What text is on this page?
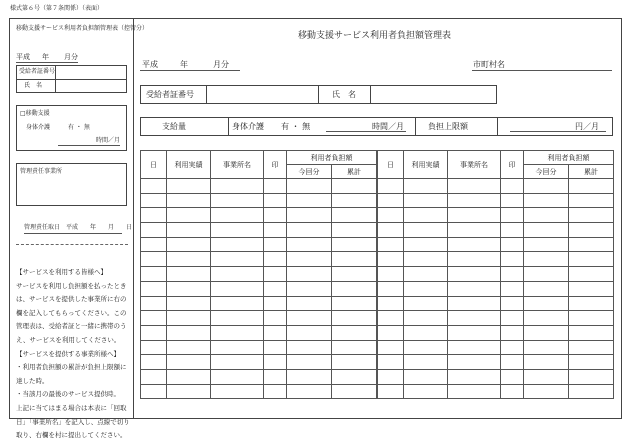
様式第６号（第７条関係）（表面）
移動支援サービス利用者負担額管理表（控管分）
平成 年 月分
受給者証番号
氏　名
□移動支援
身体介護	有 ・ 無
時間／月
管理責任事業所
管理責任取日　平成　　年　　月　　日
【サービスを利用する皆様へ】
サービスを利用し負担額を払ったときは、サービスを提供した事業所に右の欄を記入してもらってください。この管理表は、受給者証と一緒に携帯のうえ、サービスを利用してください。
【サービスを提供する事業所様へ】
・利用者負担額の累計が負担上限額に達した時。
・当該月の最後のサービス提供時。
上記に当てはまる場合は本表に「回取日」「事業所名」を記入し、点線で切り取り、右欄を村に提出してください。
移動支援サービス利用者負担額管理表
平成	年	月分	市町村名
受給者証番号	氏　名
支給量	身体介護 有 ・ 無	時間／月	負担上限額	円／月
日	利用実績	事業所名	印	利用者負担額	
				今回分	累計

日	利用実績	事業所名	印	利用者負担額	
				今回分	累計
